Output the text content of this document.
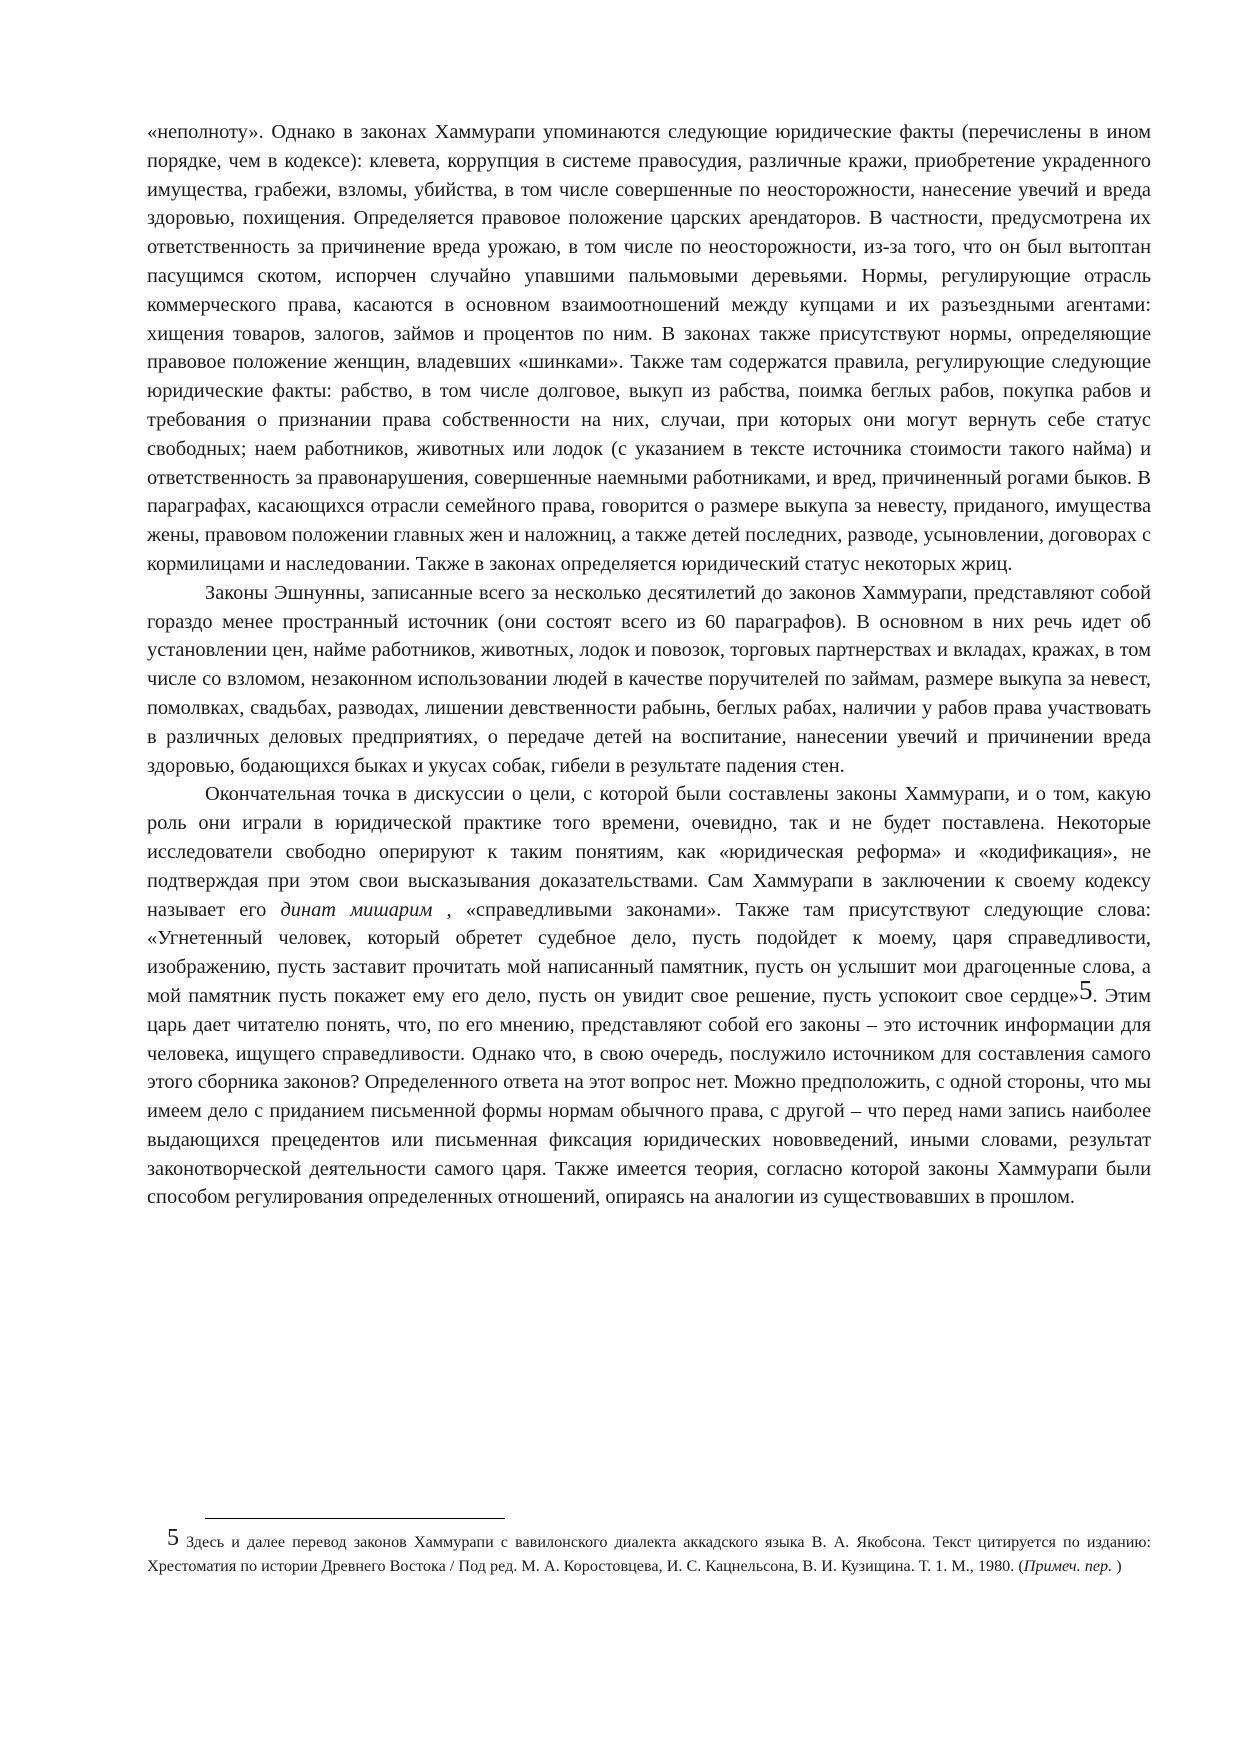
«неполноту». Однако в законах Хаммурапи упоминаются следующие юридические факты (перечислены в ином порядке, чем в кодексе): клевета, коррупция в системе правосудия, различные кражи, приобретение украденного имущества, грабежи, взломы, убийства, в том числе совершенные по неосторожности, нанесение увечий и вреда здоровью, похищения. Определяется правовое положение царских арендаторов. В частности, предусмотрена их ответственность за причинение вреда урожаю, в том числе по неосторожности, из-за того, что он был вытоптан пасущимся скотом, испорчен случайно упавшими пальмовыми деревьями. Нормы, регулирующие отрасль коммерческого права, касаются в основном взаимоотношений между купцами и их разъездными агентами: хищения товаров, залогов, займов и процентов по ним. В законах также присутствуют нормы, определяющие правовое положение женщин, владевших «шинками». Также там содержатся правила, регулирующие следующие юридические факты: рабство, в том числе долговое, выкуп из рабства, поимка беглых рабов, покупка рабов и требования о признании права собственности на них, случаи, при которых они могут вернуть себе статус свободных; наем работников, животных или лодок (с указанием в тексте источника стоимости такого найма) и ответственность за правонарушения, совершенные наемными работниками, и вред, причиненный рогами быков. В параграфах, касающихся отрасли семейного права, говорится о размере выкупа за невесту, приданого, имущества жены, правовом положении главных жен и наложниц, а также детей последних, разводе, усыновлении, договорах с кормилицами и наследовании. Также в законах определяется юридический статус некоторых жриц.

Законы Эшнунны, записанные всего за несколько десятилетий до законов Хаммурапи, представляют собой гораздо менее пространный источник (они состоят всего из 60 параграфов). В основном в них речь идет об установлении цен, найме работников, животных, лодок и повозок, торговых партнерствах и вкладах, кражах, в том числе со взломом, незаконном использовании людей в качестве поручителей по займам, размере выкупа за невест, помолвках, свадьбах, разводах, лишении девственности рабынь, беглых рабах, наличии у рабов права участвовать в различных деловых предприятиях, о передаче детей на воспитание, нанесении увечий и причинении вреда здоровью, бодающихся быках и укусах собак, гибели в результате падения стен.

Окончательная точка в дискуссии о цели, с которой были составлены законы Хаммурапи, и о том, какую роль они играли в юридической практике того времени, очевидно, так и не будет поставлена. Некоторые исследователи свободно оперируют к таким понятиям, как «юридическая реформа» и «кодификация», не подтверждая при этом свои высказывания доказательствами. Сам Хаммурапи в заключении к своему кодексу называет его динат мишарим , «справедливыми законами». Также там присутствуют следующие слова: «Угнетенный человек, который обретет судебное дело, пусть подойдет к моему, царя справедливости, изображению, пусть заставит прочитать мой написанный памятник, пусть он услышит мои драгоценные слова, а мой памятник пусть покажет ему его дело, пусть он увидит свое решение, пусть успокоит свое сердце»5. Этим царь дает читателю понять, что, по его мнению, представляют собой его законы – это источник информации для человека, ищущего справедливости. Однако что, в свою очередь, послужило источником для составления самого этого сборника законов? Определенного ответа на этот вопрос нет. Можно предположить, с одной стороны, что мы имеем дело с приданием письменной формы нормам обычного права, с другой – что перед нами запись наиболее выдающихся прецедентов или письменная фиксация юридических нововведений, иными словами, результат законотворческой деятельности самого царя. Также имеется теория, согласно которой законы Хаммурапи были способом регулирования определенных отношений, опираясь на аналогии из существовавших в прошлом.

5 Здесь и далее перевод законов Хаммурапи с вавилонского диалекта аккадского языка В. А. Якобсона. Текст цитируется по изданию: Хрестоматия по истории Древнего Востока / Под ред. М. А. Коростовцева, И. С. Кацнельсона, В. И. Кузищина. Т. 1. М., 1980. (Примеч. пер. )
